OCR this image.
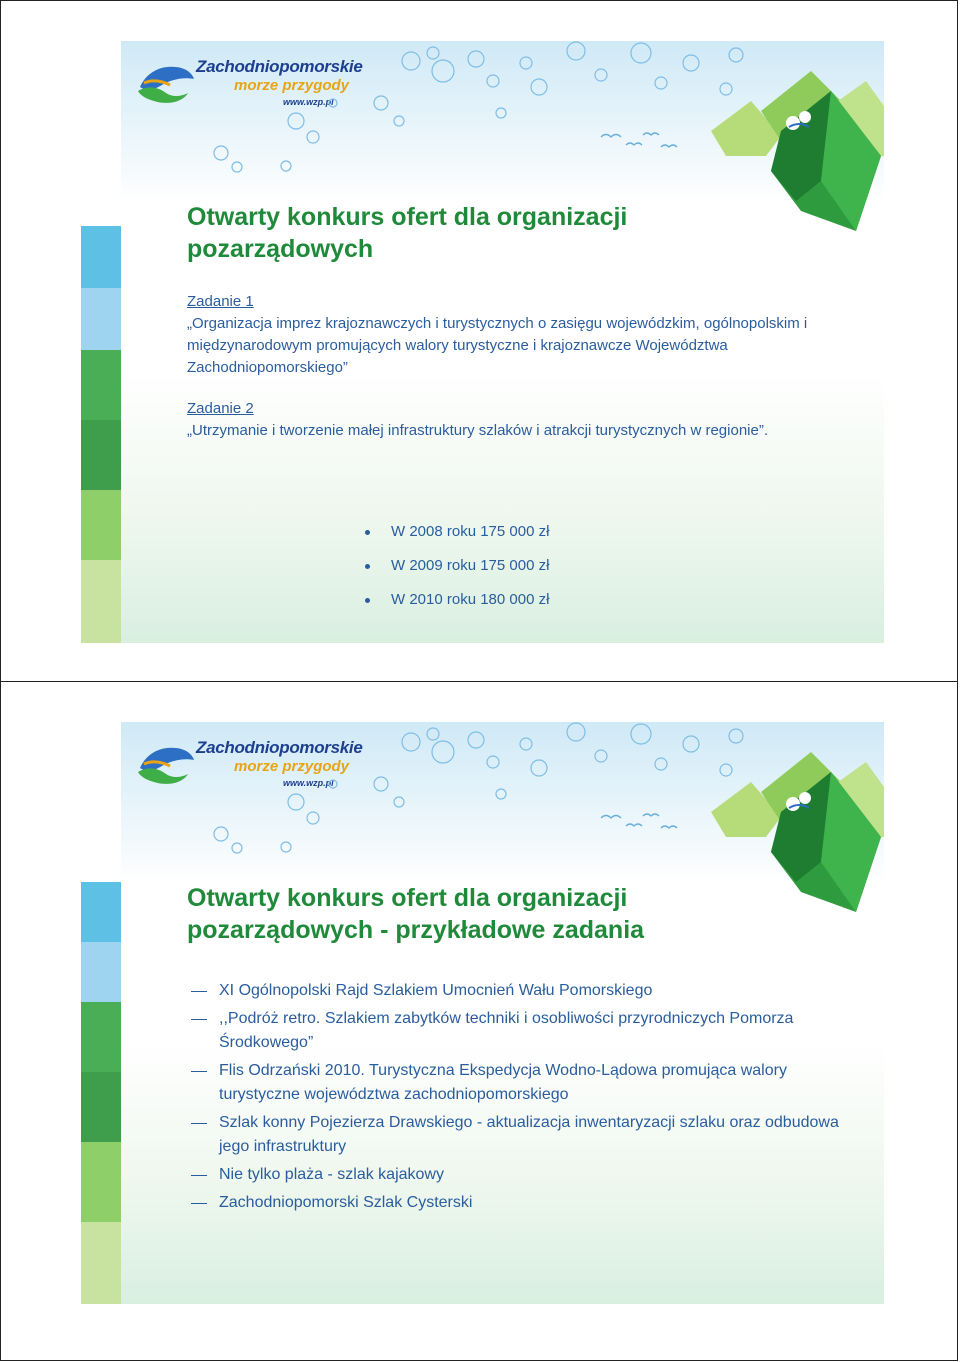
Zachodniopomorskie
morze przygody
www.wzp.pl
Otwarty konkurs ofert dla organizacji
pozarządowych
Zadanie 1
„Organizacja imprez krajoznawczych i turystycznych o zasięgu wojewódzkim, ogólnopolskim i międzynarodowym promujących walory turystyczne i krajoznawcze Województwa Zachodniopomorskiego”
Zadanie 2
„Utrzymanie i tworzenie małej infrastruktury szlaków i atrakcji turystycznych w regionie”.
W 2008 roku 175 000 zł
W 2009 roku 175 000 zł
W 2010 roku 180 000 zł
Zachodniopomorskie
morze przygody
www.wzp.pl
Otwarty konkurs ofert dla organizacji
pozarządowych - przykładowe zadania
XI Ogólnopolski Rajd Szlakiem Umocnień Wału Pomorskiego
,,Podróż retro. Szlakiem zabytków techniki i osobliwości przyrodniczych Pomorza Środkowego”
Flis Odrzański 2010. Turystyczna Ekspedycja Wodno-Lądowa promująca walory turystyczne województwa zachodniopomorskiego
Szlak konny Pojezierza Drawskiego - aktualizacja inwentaryzacji szlaku oraz odbudowa jego infrastruktury
Nie tylko plaża - szlak kajakowy
Zachodniopomorski Szlak Cysterski
